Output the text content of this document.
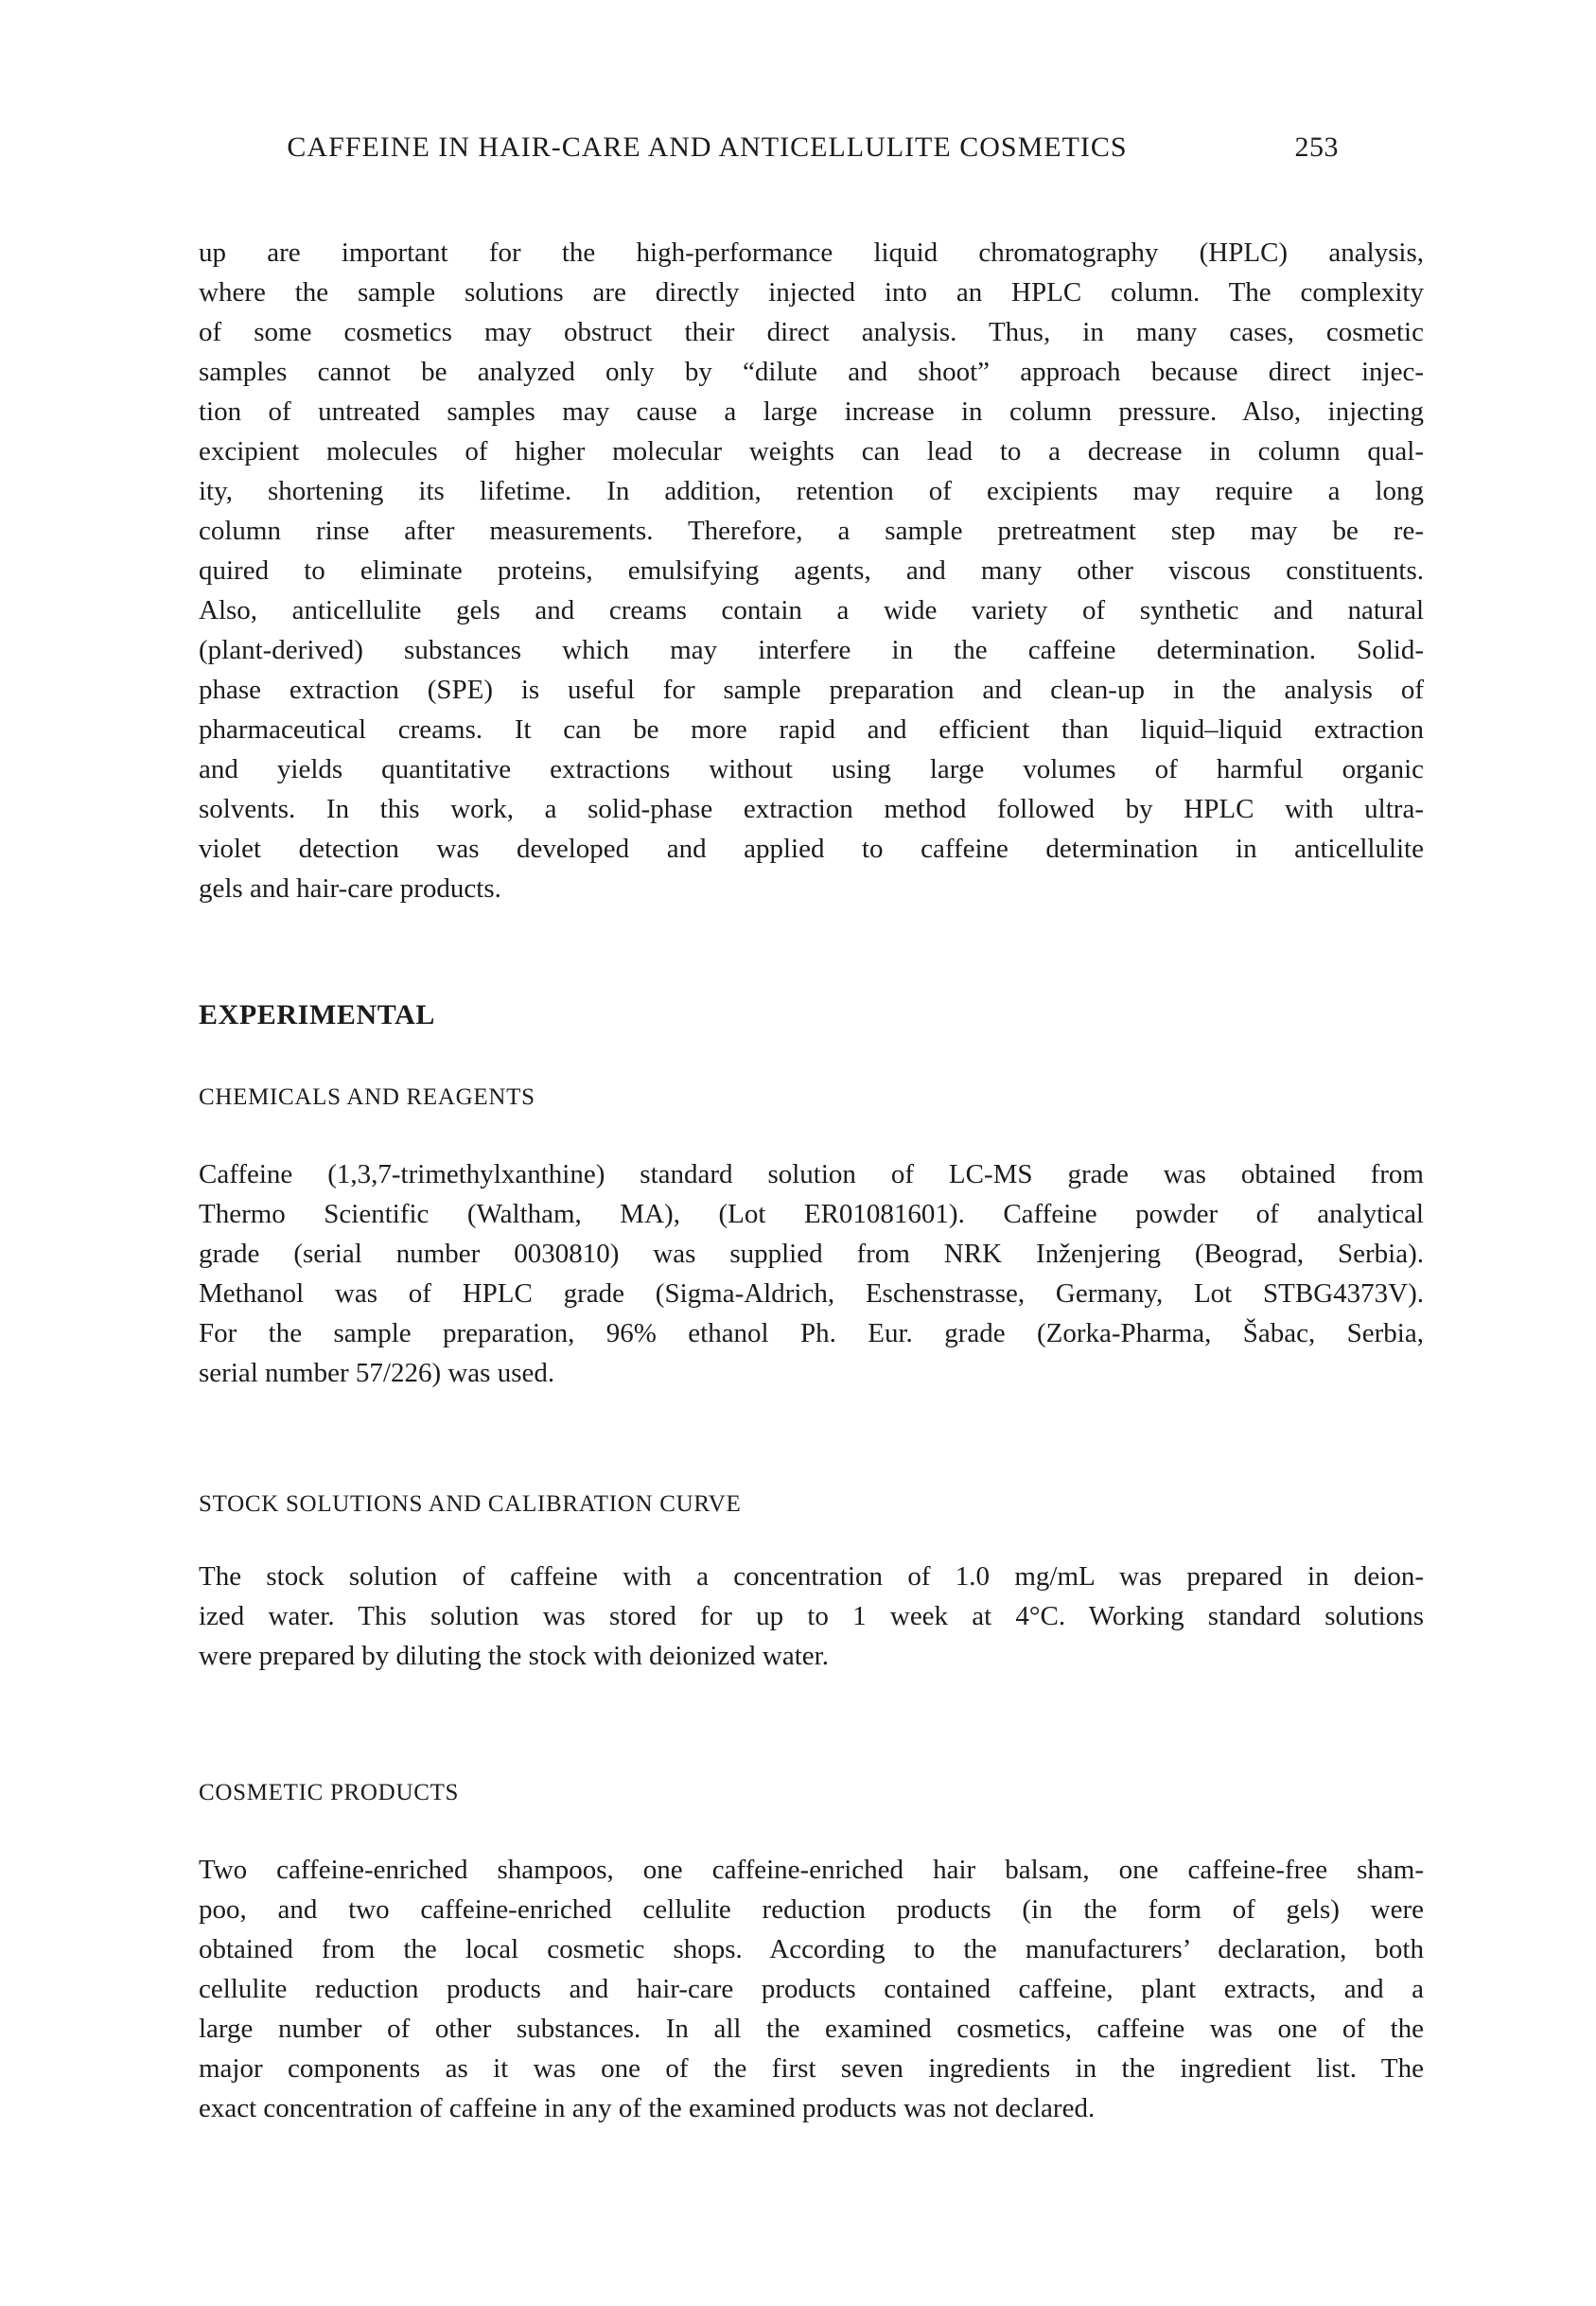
CAFFEINE IN HAIR-CARE AND ANTICELLULITE COSMETICS	253
up are important for the high-performance liquid chromatography (HPLC) analysis,
where the sample solutions are directly injected into an HPLC column. The complexity
of some cosmetics may obstruct their direct analysis. Thus, in many cases, cosmetic
samples cannot be analyzed only by “dilute and shoot” approach because direct injec-
tion of untreated samples may cause a large increase in column pressure. Also, injecting
excipient molecules of higher molecular weights can lead to a decrease in column qual-
ity, shortening its lifetime. In addition, retention of excipients may require a long
column rinse after measurements. Therefore, a sample pretreatment step may be re-
quired to eliminate proteins, emulsifying agents, and many other viscous constituents.
Also, anticellulite gels and creams contain a wide variety of synthetic and natural
(plant-derived) substances which may interfere in the caffeine determination. Solid-
phase extraction (SPE) is useful for sample preparation and clean-up in the analysis of
pharmaceutical creams. It can be more rapid and efficient than liquid–liquid extraction
and yields quantitative extractions without using large volumes of harmful organic
solvents. In this work, a solid-phase extraction method followed by HPLC with ultra-
violet detection was developed and applied to caffeine determination in anticellulite
gels and hair-care products.
EXPERIMENTAL
CHEMICALS AND REAGENTS
Caffeine (1,3,7-trimethylxanthine) standard solution of LC-MS grade was obtained from
Thermo Scientific (Waltham, MA), (Lot ER01081601). Caffeine powder of analytical
grade (serial number 0030810) was supplied from NRK Inženjering (Beograd, Serbia).
Methanol was of HPLC grade (Sigma-Aldrich, Eschenstrasse, Germany, Lot STBG4373V).
For the sample preparation, 96% ethanol Ph. Eur. grade (Zorka-Pharma, Šabac, Serbia,
serial number 57/226) was used.
STOCK SOLUTIONS AND CALIBRATION CURVE
The stock solution of caffeine with a concentration of 1.0 mg/mL was prepared in deion-
ized water. This solution was stored for up to 1 week at 4°C. Working standard solutions
were prepared by diluting the stock with deionized water.
COSMETIC PRODUCTS
Two caffeine-enriched shampoos, one caffeine-enriched hair balsam, one caffeine-free sham-
poo, and two caffeine-enriched cellulite reduction products (in the form of gels) were
obtained from the local cosmetic shops. According to the manufacturers’ declaration, both
cellulite reduction products and hair-care products contained caffeine, plant extracts, and a
large number of other substances. In all the examined cosmetics, caffeine was one of the
major components as it was one of the first seven ingredients in the ingredient list. The
exact concentration of caffeine in any of the examined products was not declared.
